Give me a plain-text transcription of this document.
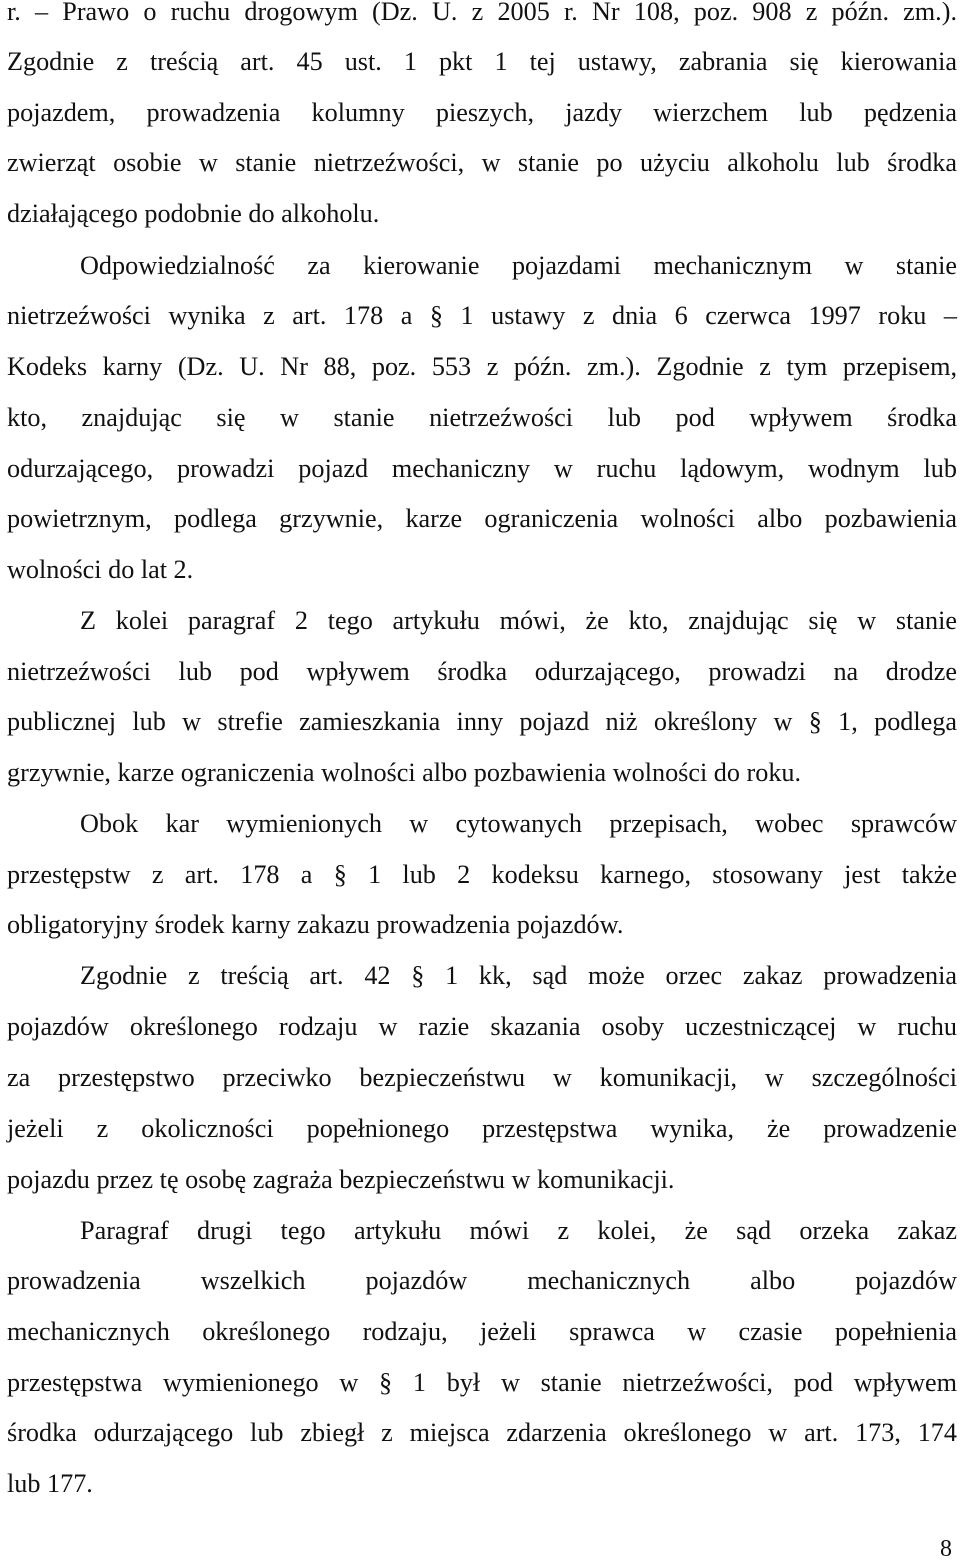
r. – Prawo o ruchu drogowym (Dz. U. z 2005 r. Nr 108, poz. 908 z późn. zm.).
Zgodnie z treścią art. 45 ust. 1 pkt 1 tej ustawy, zabrania się kierowania
pojazdem, prowadzenia kolumny pieszych, jazdy wierzchem lub pędzenia
zwierząt osobie w stanie nietrzeźwości, w stanie po użyciu alkoholu lub środka
działającego podobnie do alkoholu.
Odpowiedzialność za kierowanie pojazdami mechanicznym w stanie
nietrzeźwości wynika z art. 178 a § 1 ustawy z dnia 6 czerwca 1997 roku –
Kodeks karny (Dz. U. Nr 88, poz. 553 z późn. zm.). Zgodnie z tym przepisem,
kto, znajdując się w stanie nietrzeźwości lub pod wpływem środka
odurzającego, prowadzi pojazd mechaniczny w ruchu lądowym, wodnym lub
powietrznym, podlega grzywnie, karze ograniczenia wolności albo pozbawienia
wolności do lat 2.
Z kolei paragraf 2 tego artykułu mówi, że kto, znajdując się w stanie
nietrzeźwości lub pod wpływem środka odurzającego, prowadzi na drodze
publicznej lub w strefie zamieszkania inny pojazd niż określony w § 1, podlega
grzywnie, karze ograniczenia wolności albo pozbawienia wolności do roku.
Obok kar wymienionych w cytowanych przepisach, wobec sprawców
przestępstw z art. 178 a § 1 lub 2 kodeksu karnego, stosowany jest także
obligatoryjny środek karny zakazu prowadzenia pojazdów.
Zgodnie z treścią art. 42 § 1 kk, sąd może orzec zakaz prowadzenia
pojazdów określonego rodzaju w razie skazania osoby uczestniczącej w ruchu
za przestępstwo przeciwko bezpieczeństwu w komunikacji, w szczególności
jeżeli z okoliczności popełnionego przestępstwa wynika, że prowadzenie
pojazdu przez tę osobę zagraża bezpieczeństwu w komunikacji.
Paragraf drugi tego artykułu mówi z kolei, że sąd orzeka zakaz
prowadzenia wszelkich pojazdów mechanicznych albo pojazdów
mechanicznych określonego rodzaju, jeżeli sprawca w czasie popełnienia
przestępstwa wymienionego w § 1 był w stanie nietrzeźwości, pod wpływem
środka odurzającego lub zbiegł z miejsca zdarzenia określonego w art. 173, 174
lub 177.
8
